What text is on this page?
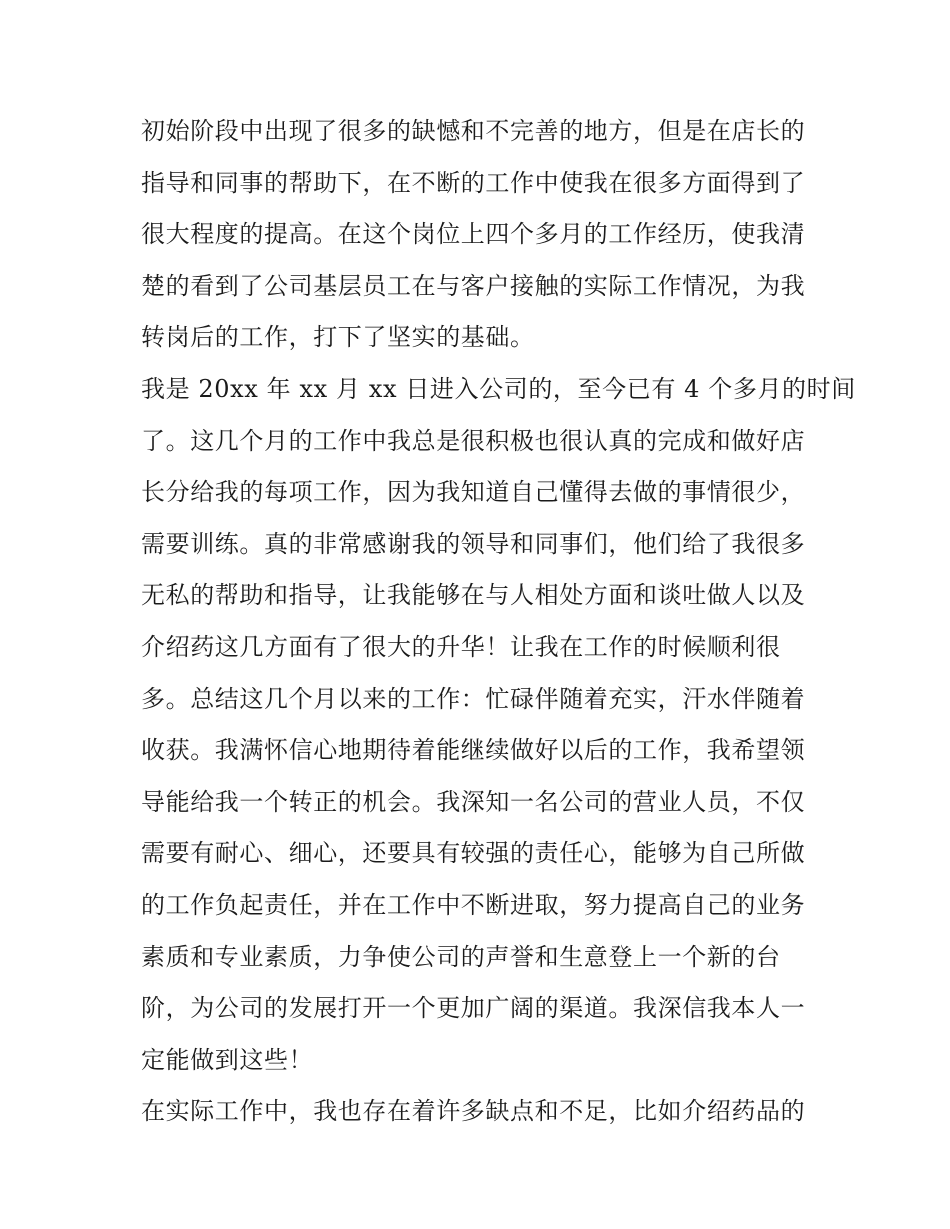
初始阶段中出现了很多的缺憾和不完善的地方，但是在店长的
指导和同事的帮助下，在不断的工作中使我在很多方面得到了
很大程度的提高。在这个岗位上四个多月的工作经历，使我清
楚的看到了公司基层员工在与客户接触的实际工作情况，为我
转岗后的工作，打下了坚实的基础。
我是 20xx 年 xx 月 xx 日进入公司的，至今已有 4 个多月的时间
了。这几个月的工作中我总是很积极也很认真的完成和做好店
长分给我的每项工作，因为我知道自己懂得去做的事情很少，
需要训练。真的非常感谢我的领导和同事们，他们给了我很多
无私的帮助和指导，让我能够在与人相处方面和谈吐做人以及
介绍药这几方面有了很大的升华！让我在工作的时候顺利很
多。总结这几个月以来的工作：忙碌伴随着充实，汗水伴随着
收获。我满怀信心地期待着能继续做好以后的工作，我希望领
导能给我一个转正的机会。我深知一名公司的营业人员，不仅
需要有耐心、细心，还要具有较强的责任心，能够为自己所做
的工作负起责任，并在工作中不断进取，努力提高自己的业务
素质和专业素质，力争使公司的声誉和生意登上一个新的台
阶，为公司的发展打开一个更加广阔的渠道。我深信我本人一
定能做到这些！
在实际工作中，我也存在着许多缺点和不足，比如介绍药品的
